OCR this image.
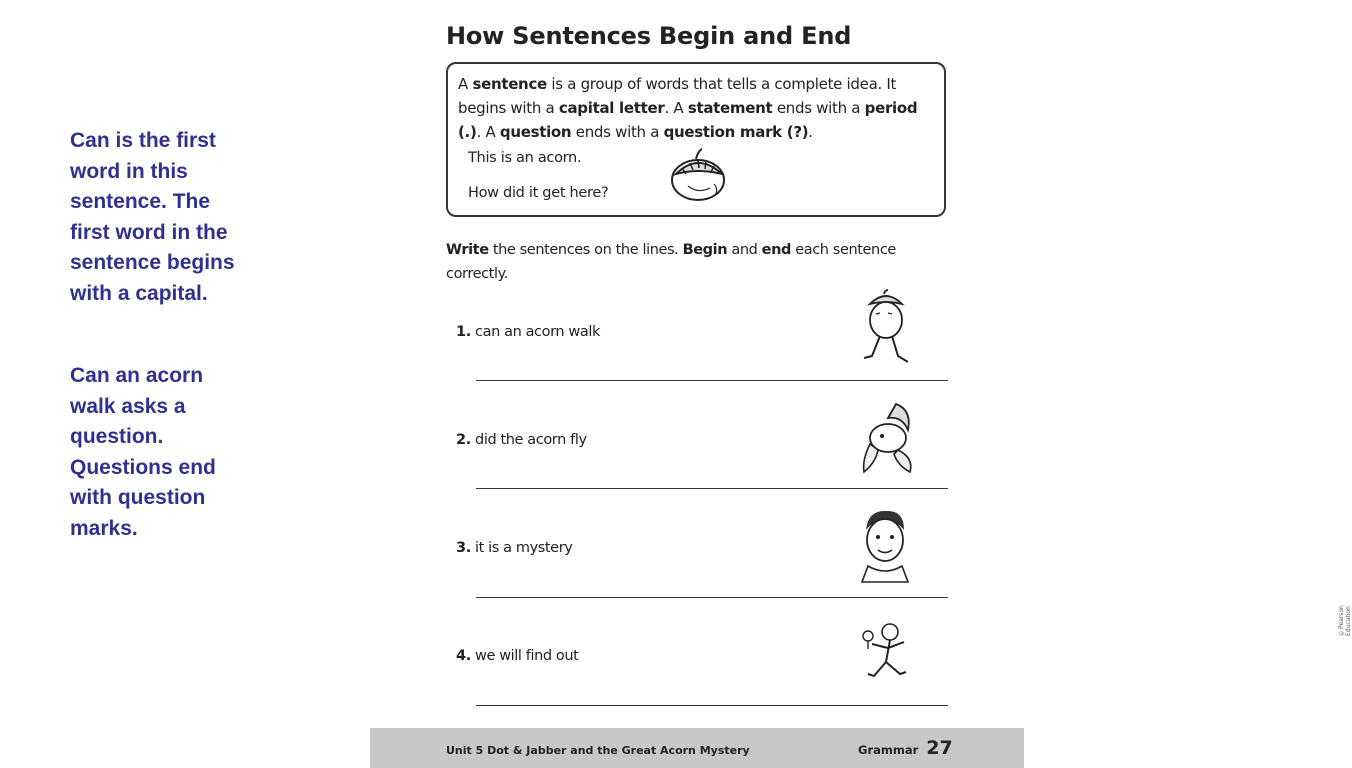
Can is the first word in this sentence. The first word in the sentence begins with a capital.

Can an acorn walk asks a question. Questions end with question marks.

How Sentences Begin and End
A sentence is a group of words that tells a complete idea. It begins with a capital letter. A statement ends with a period (.). A question ends with a question mark (?).
This is an acorn.
How did it get here?
Write the sentences on the lines. Begin and end each sentence correctly.
1. can an acorn walk
2. did the acorn fly
3. it is a mystery
4. we will find out
©Pearson Education
Unit 5 Dot & Jabber and the Great Acorn Mystery	Grammar 27
